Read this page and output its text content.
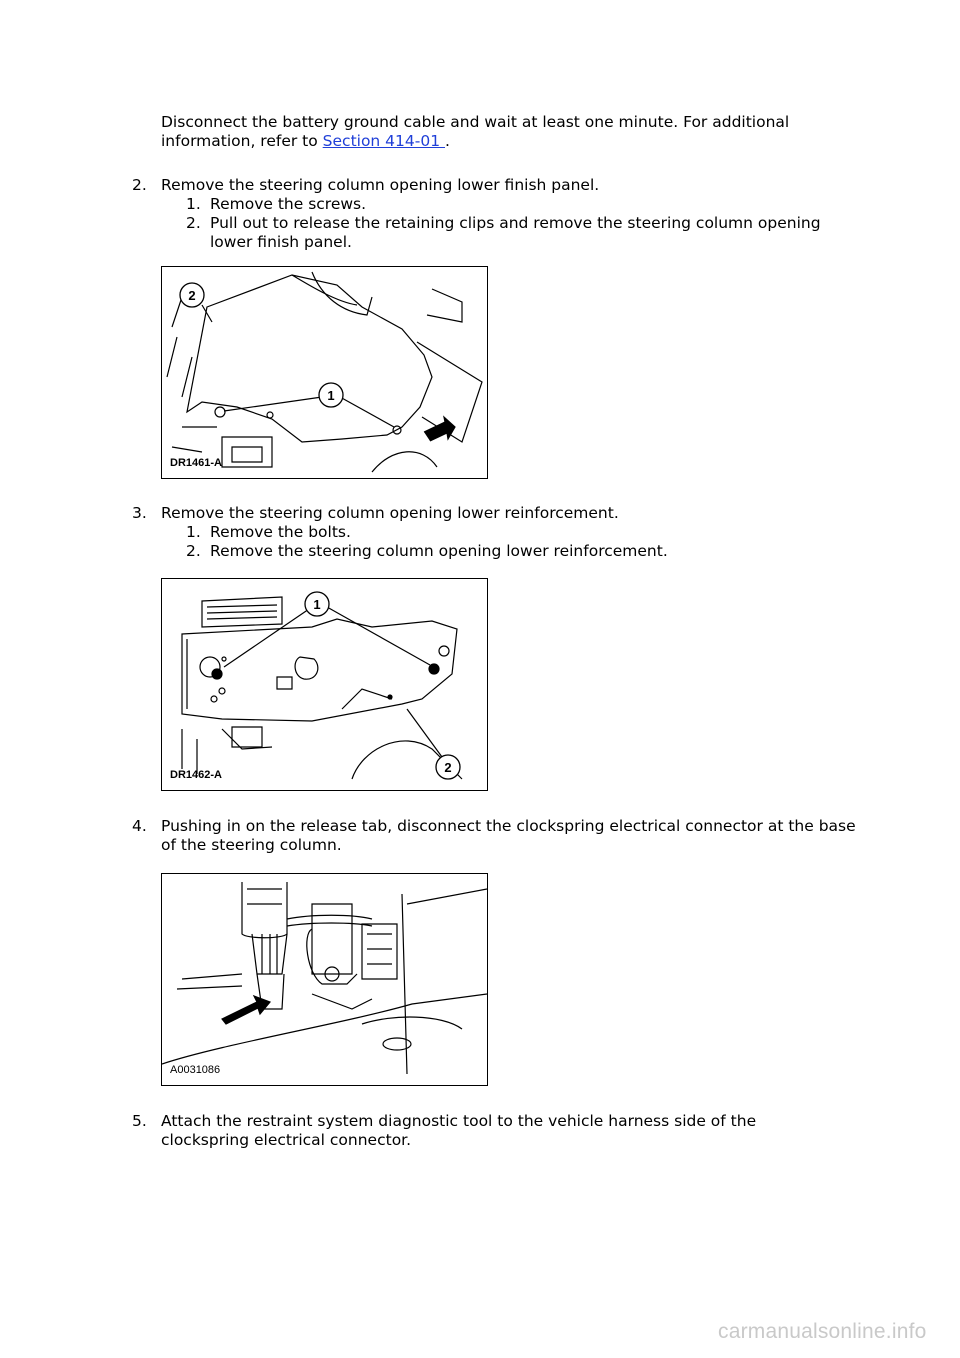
Disconnect the battery ground cable and wait at least one minute. For additional information, refer to Section 414-01 .
2. Remove the steering column opening lower finish panel.
1. Remove the screws.
2. Pull out to release the retaining clips and remove the steering column opening lower finish panel.
2
1
DR1461-A
3. Remove the steering column opening lower reinforcement.
1. Remove the bolts.
2. Remove the steering column opening lower reinforcement.
1
2
DR1462-A
4. Pushing in on the release tab, disconnect the clockspring electrical connector at the base of the steering column.
A0031086
5. Attach the restraint system diagnostic tool to the vehicle harness side of the clockspring electrical connector.
carmanualsonline.info
